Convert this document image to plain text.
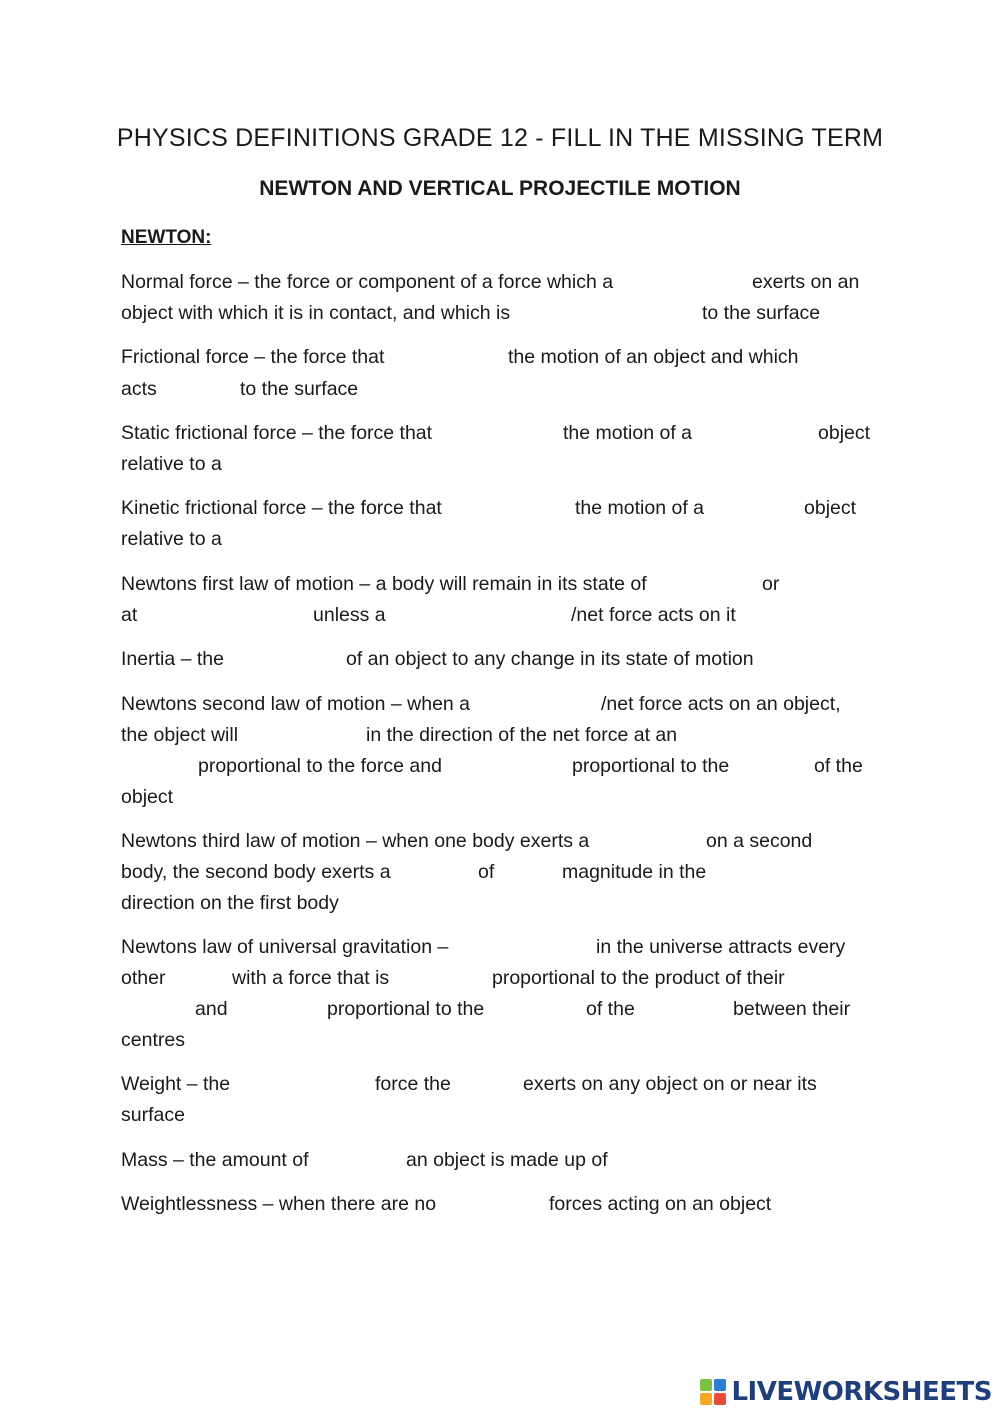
PHYSICS DEFINITIONS GRADE 12 - FILL IN THE MISSING TERM
NEWTON AND VERTICAL PROJECTILE MOTION
NEWTON:
Normal force – the force or component of a force which a	exerts on an
object with which it is in contact, and which is	to the surface
Frictional force – the force that	the motion of an object and which
acts	to the surface
Static frictional force – the force that	the motion of a	object
relative to a
Kinetic frictional force – the force that	the motion of a	object
relative to a
Newtons first law of motion – a body will remain in its state of	or
at	unless a	/net force acts on it
Inertia – the	of an object to any change in its state of motion
Newtons second law of motion – when a	/net force acts on an object,
the object will	in the direction of the net force at an
proportional to the force and	proportional to the	of the
object
Newtons third law of motion – when one body exerts a	on a second
body, the second body exerts a	of	magnitude in the
direction on the first body
Newtons law of universal gravitation –	in the universe attracts every
other	with a force that is	proportional to the product of their
and	proportional to the	of the	between their
centres
Weight – the	force the	exerts on any object on or near its
surface
Mass – the amount of	an object is made up of
Weightlessness – when there are no	forces acting on an object
LIVEWORKSHEETS
